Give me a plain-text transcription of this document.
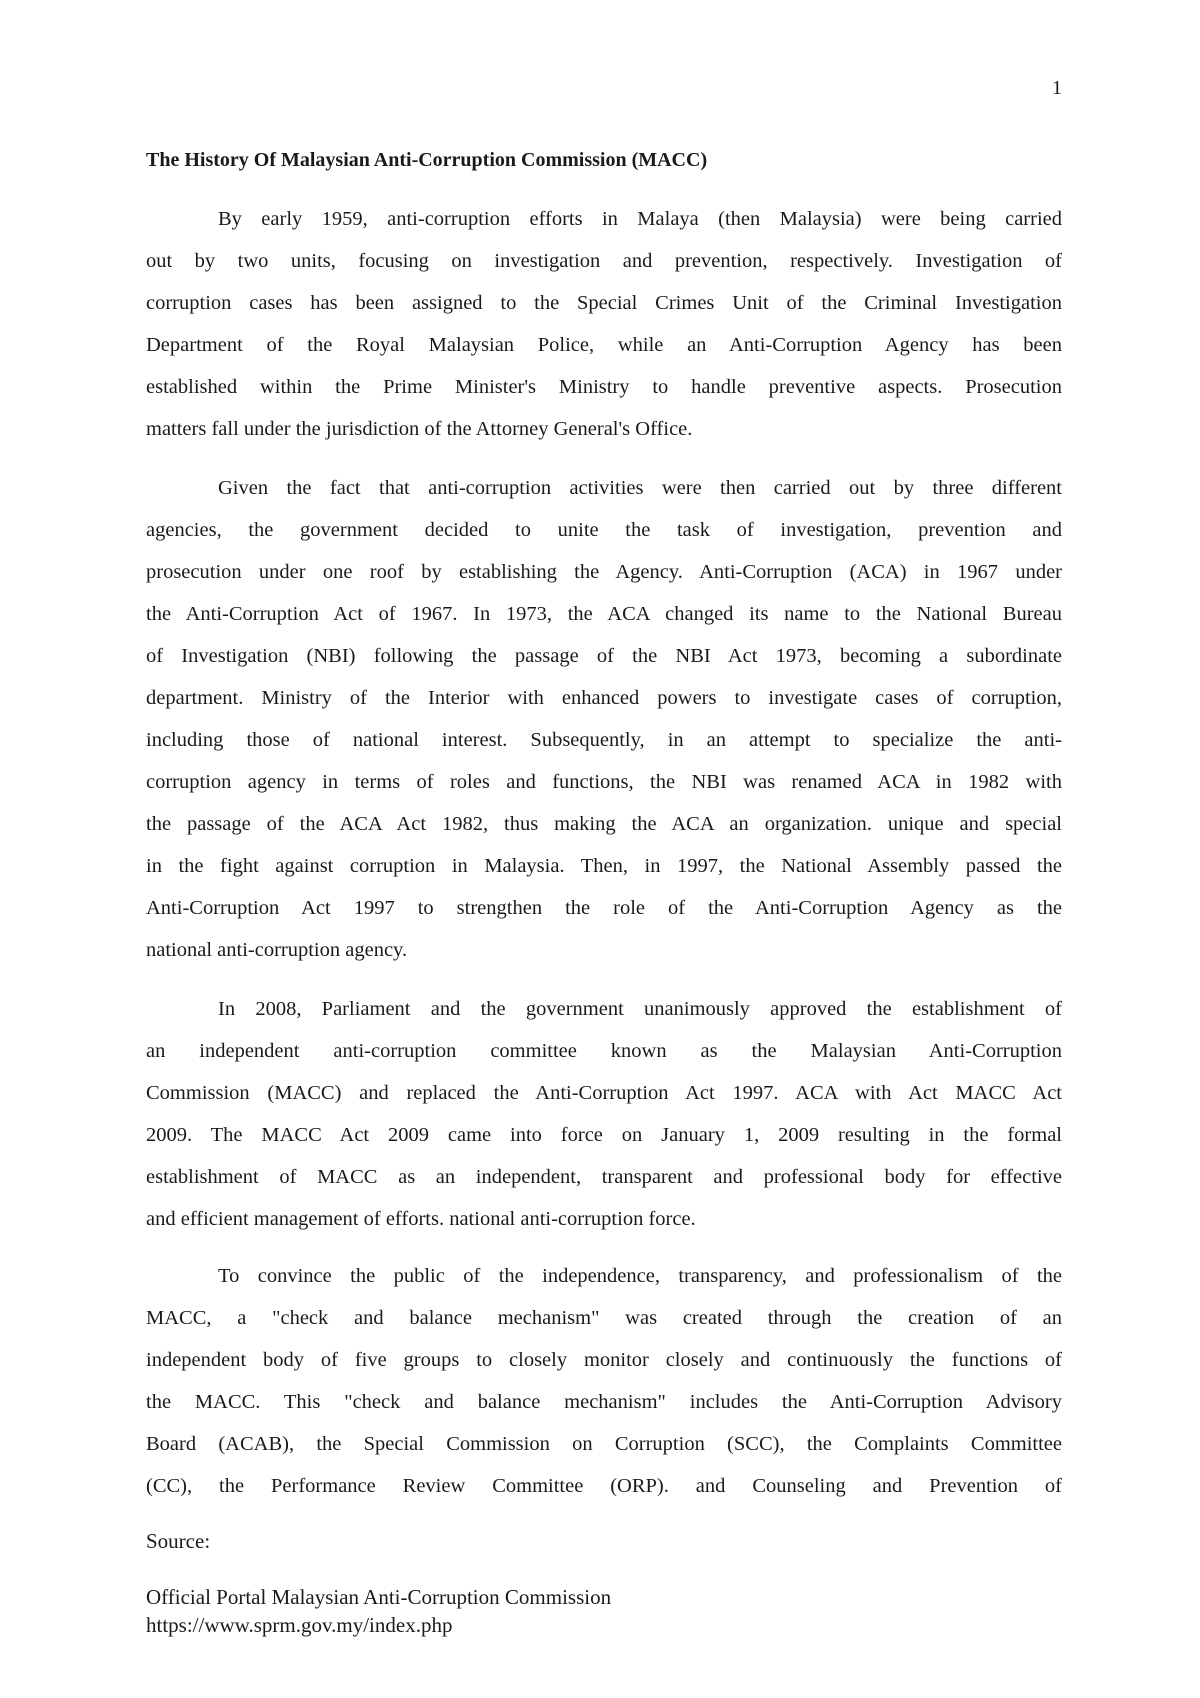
1
The History Of Malaysian Anti-Corruption Commission (MACC)
By early 1959, anti-corruption efforts in Malaya (then Malaysia) were being carried
out by two units, focusing on investigation and prevention, respectively. Investigation of
corruption cases has been assigned to the Special Crimes Unit of the Criminal Investigation
Department of the Royal Malaysian Police, while an Anti-Corruption Agency has been
established within the Prime Minister's Ministry to handle preventive aspects. Prosecution
matters fall under the jurisdiction of the Attorney General's Office.
Given the fact that anti-corruption activities were then carried out by three different
agencies, the government decided to unite the task of investigation, prevention and
prosecution under one roof by establishing the Agency. Anti-Corruption (ACA) in 1967 under
the Anti-Corruption Act of 1967. In 1973, the ACA changed its name to the National Bureau
of Investigation (NBI) following the passage of the NBI Act 1973, becoming a subordinate
department. Ministry of the Interior with enhanced powers to investigate cases of corruption,
including those of national interest. Subsequently, in an attempt to specialize the anti-
corruption agency in terms of roles and functions, the NBI was renamed ACA in 1982 with
the passage of the ACA Act 1982, thus making the ACA an organization. unique and special
in the fight against corruption in Malaysia. Then, in 1997, the National Assembly passed the
Anti-Corruption Act 1997 to strengthen the role of the Anti-Corruption Agency as the
national anti-corruption agency.
In 2008, Parliament and the government unanimously approved the establishment of
an independent anti-corruption committee known as the Malaysian Anti-Corruption
Commission (MACC) and replaced the Anti-Corruption Act 1997. ACA with Act MACC Act
2009. The MACC Act 2009 came into force on January 1, 2009 resulting in the formal
establishment of MACC as an independent, transparent and professional body for effective
and efficient management of efforts. national anti-corruption force.
To convince the public of the independence, transparency, and professionalism of the
MACC, a "check and balance mechanism" was created through the creation of an
independent body of five groups to closely monitor closely and continuously the functions of
the MACC. This "check and balance mechanism" includes the Anti-Corruption Advisory
Board (ACAB), the Special Commission on Corruption (SCC), the Complaints Committee
(CC), the Performance Review Committee (ORP). and Counseling and Prevention of
Source:
Official Portal Malaysian Anti-Corruption Commission
https://www.sprm.gov.my/index.php
